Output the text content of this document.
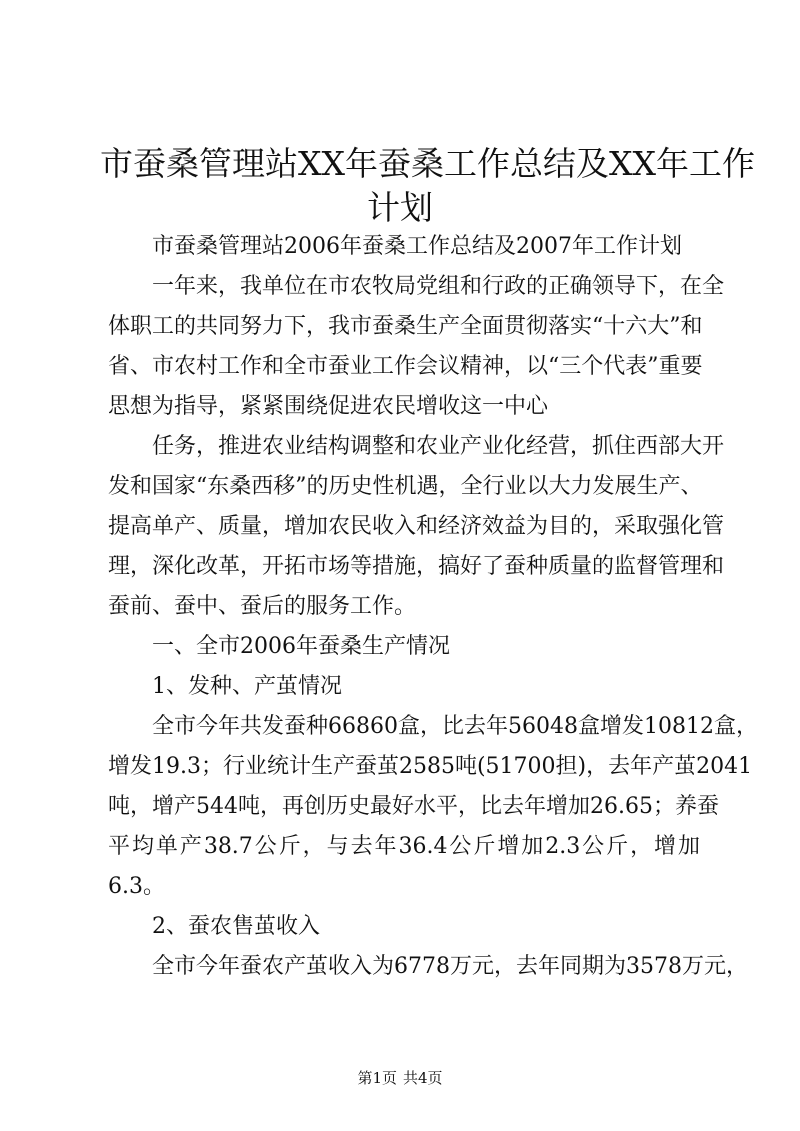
市蚕桑管理站XX年蚕桑工作总结及XX年工作
计划

市蚕桑管理站2006年蚕桑工作总结及2007年工作计划

一年来，我单位在市农牧局党组和行政的正确领导下，在全

体职工的共同努力下，我市蚕桑生产全面贯彻落实“十六大”和

省、市农村工作和全市蚕业工作会议精神，以“三个代表”重要

思想为指导，紧紧围绕促进农民增收这一中心

任务，推进农业结构调整和农业产业化经营，抓住西部大开

发和国家“东桑西移”的历史性机遇，全行业以大力发展生产、

提高单产、质量，增加农民收入和经济效益为目的，采取强化管

理，深化改革，开拓市场等措施，搞好了蚕种质量的监督管理和

蚕前、蚕中、蚕后的服务工作。

一、全市2006年蚕桑生产情况

1、发种、产茧情况

全市今年共发蚕种66860盒，比去年56048盒增发10812盒，

增发19.3；行业统计生产蚕茧2585吨(51700担)，去年产茧2041

吨，增产544吨，再创历史最好水平，比去年增加26.65；养蚕

平均单产38.7公斤，与去年36.4公斤增加2.3公斤，增加

6.3。

2、蚕农售茧收入

全市今年蚕农产茧收入为6778万元，去年同期为3578万元，

第1页 共4页
